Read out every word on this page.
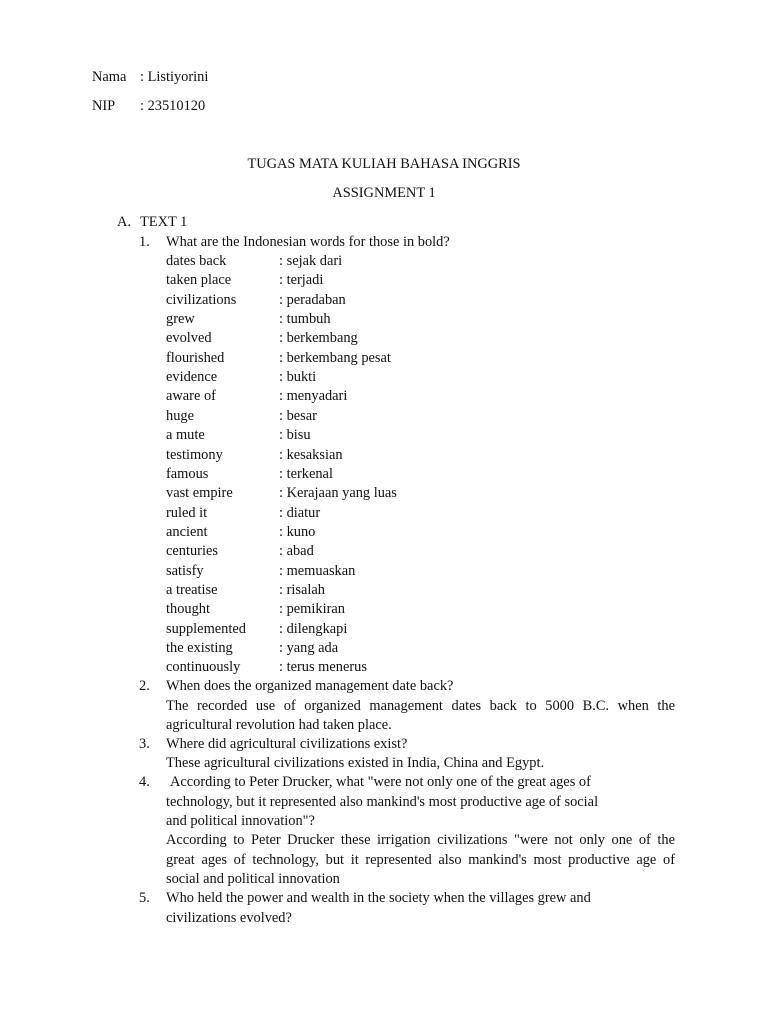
Nama : Listiyorini
NIP : 23510120
TUGAS MATA KULIAH BAHASA INGGRIS
ASSIGNMENT 1
A. TEXT 1
1. What are the Indonesian words for those in bold?
dates back	: sejak dari
taken place	: terjadi
civilizations	: peradaban
grew	: tumbuh
evolved	: berkembang
flourished	: berkembang pesat
evidence	: bukti
aware of	: menyadari
huge	: besar
a mute	: bisu
testimony	: kesaksian
famous	: terkenal
vast empire	: Kerajaan yang luas
ruled it	: diatur
ancient	: kuno
centuries	: abad
satisfy	: memuaskan
a treatise	: risalah
thought	: pemikiran
supplemented : dilengkapi
the existing	: yang ada
continuously	: terus menerus
2. When does the organized management date back?
The recorded use of organized management dates back to 5000 B.C. when the
agricultural revolution had taken place.
3. Where did agricultural civilizations exist?
These agricultural civilizations existed in India, China and Egypt.
4. According to Peter Drucker, what "were not only one of the great ages of
technology, but it represented also mankind's most productive age of social
and political innovation"?
According to Peter Drucker these irrigation civilizations "were not only one of the
great ages of technology, but it represented also mankind's most productive age of
social and political innovation
5. Who held the power and wealth in the society when the villages grew and
civilizations evolved?
